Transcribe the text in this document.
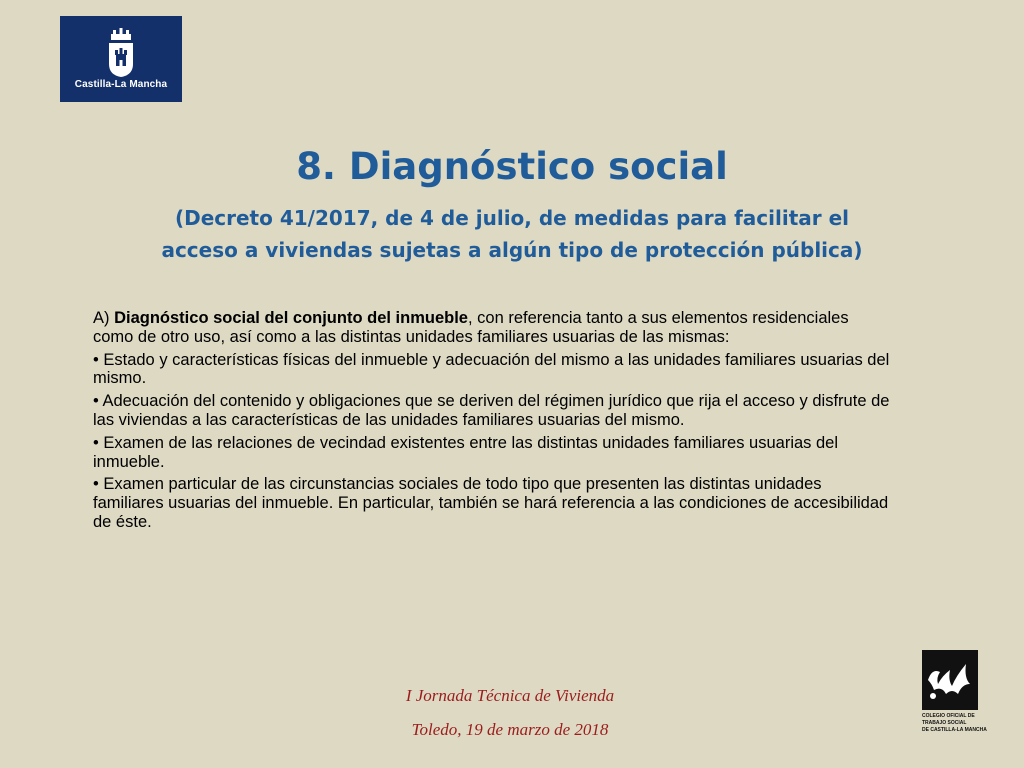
Castilla-La Mancha
8. Diagnóstico social
(Decreto 41/2017, de 4 de julio, de medidas para facilitar el acceso a viviendas sujetas a algún tipo de protección pública)

A) Diagnóstico social del conjunto del inmueble, con referencia tanto a sus elementos residenciales como de otro uso, así como a las distintas unidades familiares usuarias de las mismas:

• Estado y características físicas del inmueble y adecuación del mismo a las unidades familiares usuarias del mismo.

• Adecuación del contenido y obligaciones que se deriven del régimen jurídico que rija el acceso y disfrute de las viviendas a las características de las unidades familiares usuarias del mismo.

• Examen de las relaciones de vecindad existentes entre las distintas unidades familiares usuarias del inmueble.

• Examen particular de las circunstancias sociales de todo tipo que presenten las distintas unidades familiares usuarias del inmueble. En particular, también se hará referencia a las condiciones de accesibilidad de éste.

I Jornada Técnica de Vivienda
Toledo, 19 de marzo de 2018
COLEGIO OFICIAL DE
TRABAJO SOCIAL
DE CASTILLA-LA MANCHA
